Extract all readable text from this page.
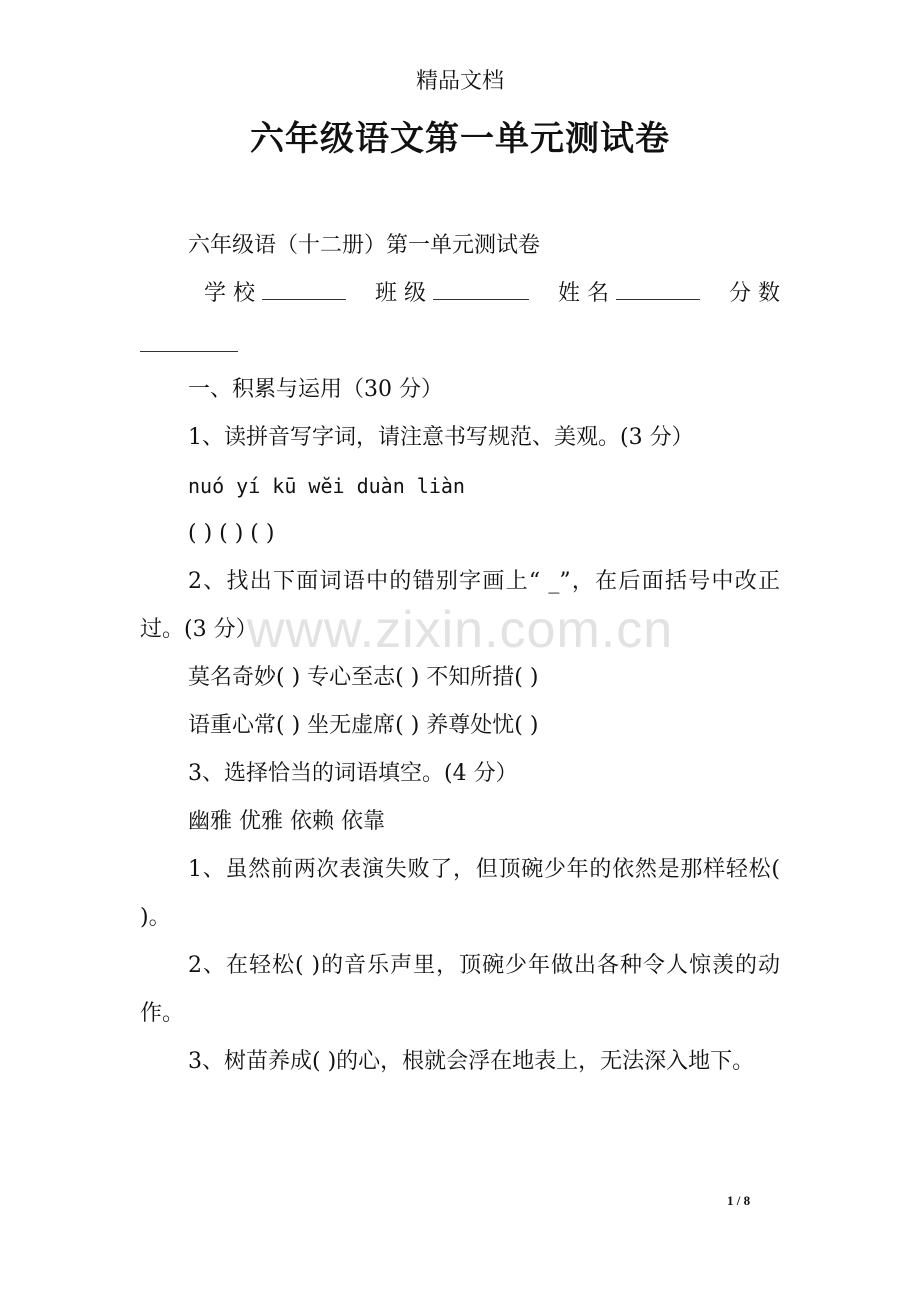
精品文档
六年级语文第一单元测试卷
www.zixin.com.cn

六年级语（十二册）第一单元测试卷

学 校	班 级	姓 名	分 数

一、积累与运用（30 分）

1、读拼音写字词，请注意书写规范、美观。(3 分）

nuó yí kū wĕi duàn liàn

( ) ( ) ( )

2、找出下面词语中的错别字画上“ _”，在后面括号中改正过。(3 分）

莫名奇妙( ) 专心至志( ) 不知所措( )

语重心常( ) 坐无虚席( ) 养尊处忧( )

3、选择恰当的词语填空。(4 分）

幽雅 优雅 依赖 依靠

1、虽然前两次表演失败了，但顶碗少年的依然是那样轻松( )。

2、在轻松( )的音乐声里，顶碗少年做出各种令人惊羡的动作。

3、树苗养成( )的心，根就会浮在地表上，无法深入地下。

1 / 8
